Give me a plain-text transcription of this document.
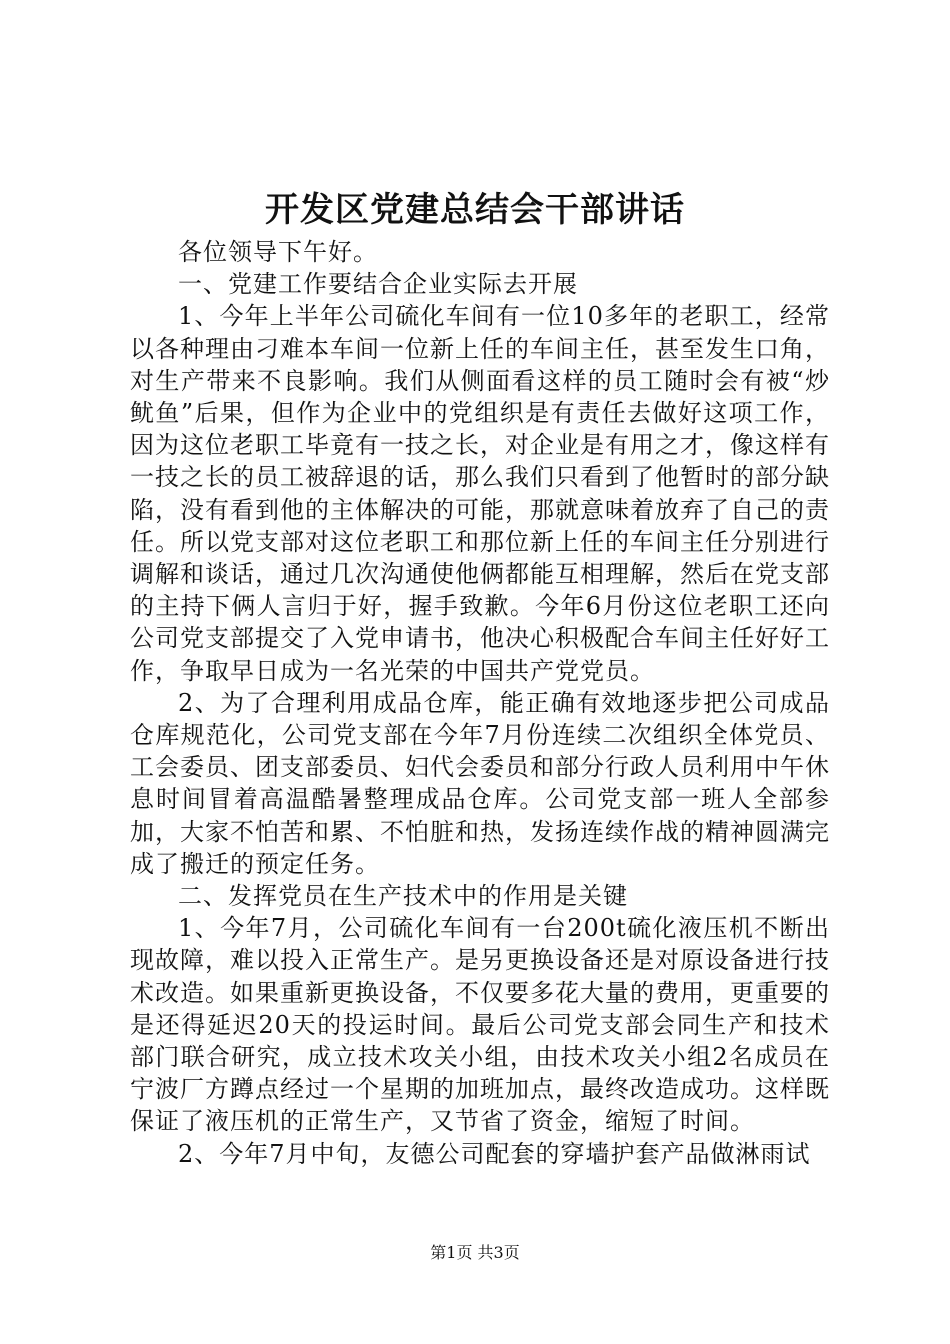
开发区党建总结会干部讲话

各位领导下午好。

一、党建工作要结合企业实际去开展

1、今年上半年公司硫化车间有一位10多年的老职工，经常以各种理由刁难本车间一位新上任的车间主任，甚至发生口角，对生产带来不良影响。我们从侧面看这样的员工随时会有被“炒鱿鱼”后果，但作为企业中的党组织是有责任去做好这项工作，因为这位老职工毕竟有一技之长，对企业是有用之才，像这样有一技之长的员工被辞退的话，那么我们只看到了他暂时的部分缺陷，没有看到他的主体解决的可能，那就意味着放弃了自己的责任。所以党支部对这位老职工和那位新上任的车间主任分别进行调解和谈话，通过几次沟通使他俩都能互相理解，然后在党支部的主持下俩人言归于好，握手致歉。今年6月份这位老职工还向公司党支部提交了入党申请书，他决心积极配合车间主任好好工作，争取早日成为一名光荣的中国共产党党员。

2、为了合理利用成品仓库，能正确有效地逐步把公司成品仓库规范化，公司党支部在今年7月份连续二次组织全体党员、工会委员、团支部委员、妇代会委员和部分行政人员利用中午休息时间冒着高温酷暑整理成品仓库。公司党支部一班人全部参加，大家不怕苦和累、不怕脏和热，发扬连续作战的精神圆满完成了搬迁的预定任务。

二、发挥党员在生产技术中的作用是关键

1、今年7月，公司硫化车间有一台200t硫化液压机不断出现故障，难以投入正常生产。是另更换设备还是对原设备进行技术改造。如果重新更换设备，不仅要多花大量的费用，更重要的是还得延迟20天的投运时间。最后公司党支部会同生产和技术部门联合研究，成立技术攻关小组，由技术攻关小组2名成员在宁波厂方蹲点经过一个星期的加班加点，最终改造成功。这样既保证了液压机的正常生产，又节省了资金，缩短了时间。

2、今年7月中旬，友德公司配套的穿墙护套产品做淋雨试

第1页 共3页
